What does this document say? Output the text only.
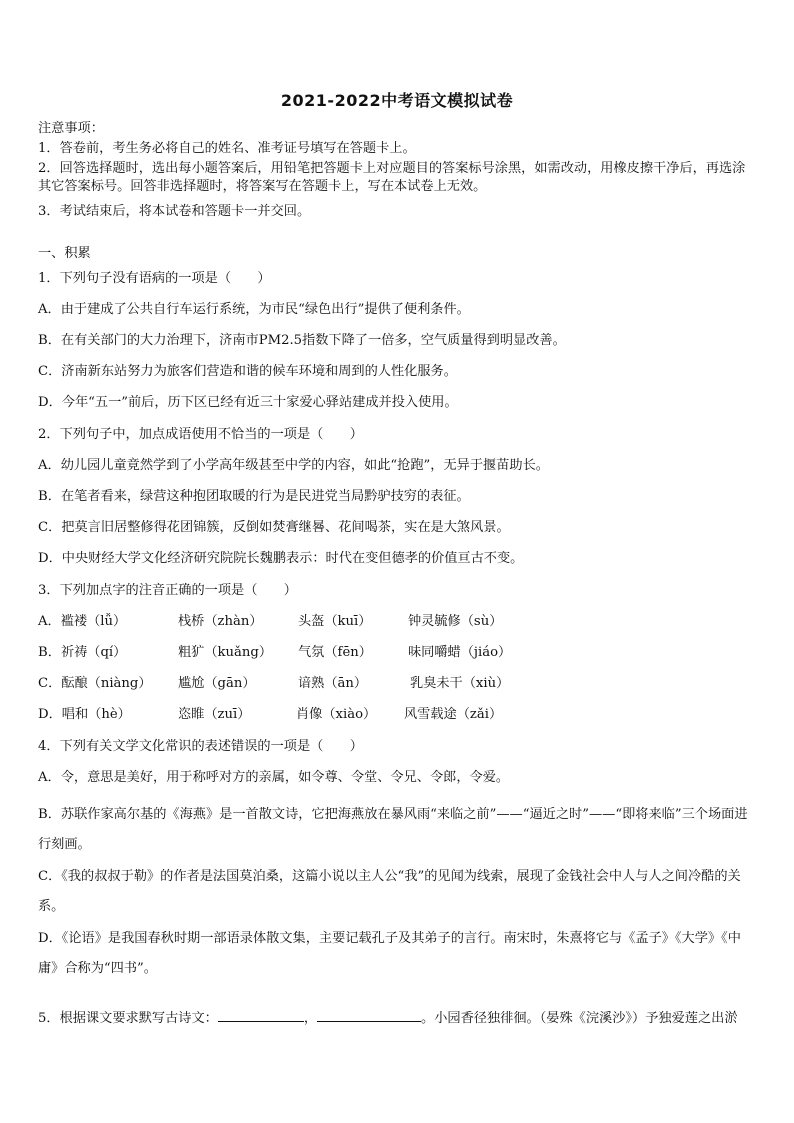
2021-2022中考语文模拟试卷
注意事项：
1．答卷前，考生务必将自己的姓名、准考证号填写在答题卡上。
2．回答选择题时，选出每小题答案后，用铅笔把答题卡上对应题目的答案标号涂黑，如需改动，用橡皮擦干净后，再选涂其它答案标号。回答非选择题时，将答案写在答题卡上，写在本试卷上无效。
3．考试结束后，将本试卷和答题卡一并交回。
一、积累
1．下列句子没有语病的一项是（　　）
A．由于建成了公共自行车运行系统，为市民“绿色出行”提供了便利条件。
B．在有关部门的大力治理下，济南市PM2.5指数下降了一倍多，空气质量得到明显改善。
C．济南新东站努力为旅客们营造和谐的候车环境和周到的人性化服务。
D．今年“五一”前后，历下区已经有近三十家爱心驿站建成并投入使用。
2．下列句子中，加点成语使用不恰当的一项是（　　）
A．幼儿园儿童竟然学到了小学高年级甚至中学的内容，如此“抢跑”，无异于揠苗助长。
B．在笔者看来，绿营这种抱团取暖的行为是民进党当局黔驴技穷的表征。
C．把莫言旧居整修得花团锦簇，反倒如焚膏继晷、花间喝茶，实在是大煞风景。
D．中央财经大学文化经济研究院院长魏鹏表示：时代在变但德孝的价值亘古不变。
3．下列加点字的注音正确的一项是（　　）
A．褴褛（lǚ）	栈桥（zhàn）	头盔（kuī）	钟灵毓修（sù）
B．祈祷（qí）	粗犷（kuǎng） 气氛（fēn）	味同嚼蜡（jiáo）
C．酝酿（niàng） 尴尬（gān）	谙熟（ān）	乳臭未干（xiù）
D．唱和（hè）	恣睢（zuī）	肖像（xiào） 风雪载途（zǎi）
4．下列有关文学文化常识的表述错误的一项是（　　）
A．令，意思是美好，用于称呼对方的亲属，如令尊、令堂、令兄、令郎，令爱。
B．苏联作家高尔基的《海燕》是一首散文诗，它把海燕放在暴风雨“来临之前”——“逼近之时”——“即将来临”三个场面进行刻画。
C．《我的叔叔于勒》的作者是法国莫泊桑，这篇小说以主人公“我”的见闻为线索，展现了金钱社会中人与人之间冷酷的关系。
D．《论语》是我国春秋时期一部语录体散文集，主要记载孔子及其弟子的言行。南宋时，朱熹将它与《孟子》《大学》《中庸》合称为“四书”。
5．根据课文要求默写古诗文：	，	。小园香径独徘徊。（晏殊《浣溪沙》）予独爱莲之出淤
